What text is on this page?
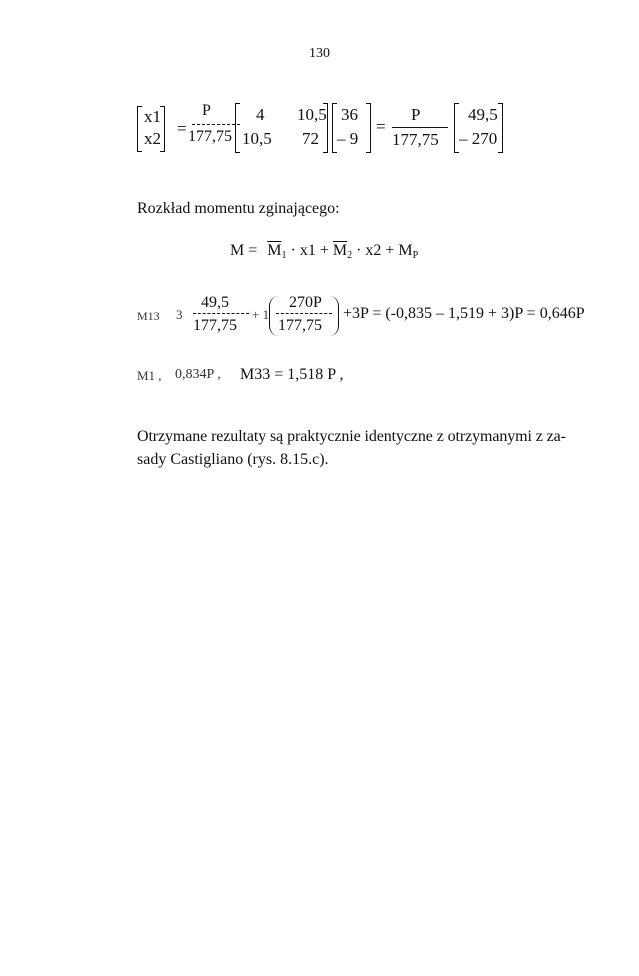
130
x1
x2
=
P
177,75
4 10,5
10,5 72
36
– 9
=
P
177,75
49,5
– 270
Rozkład momentu zginającego:
$M = \overline{M}_1 \cdot x1 + \overline{M}_2 \cdot x2 + M_P$
M13 3
49,5
177,75
+ 1
270P
177,75
+3P = (-0,835 – 1,519 + 3)P = 0,646P
M1 , 0,834P , M33 = 1,518 P ,
Otrzymane rezultaty są praktycznie identyczne z otrzymanymi z za-
sady Castigliano (rys. 8.15.c).
